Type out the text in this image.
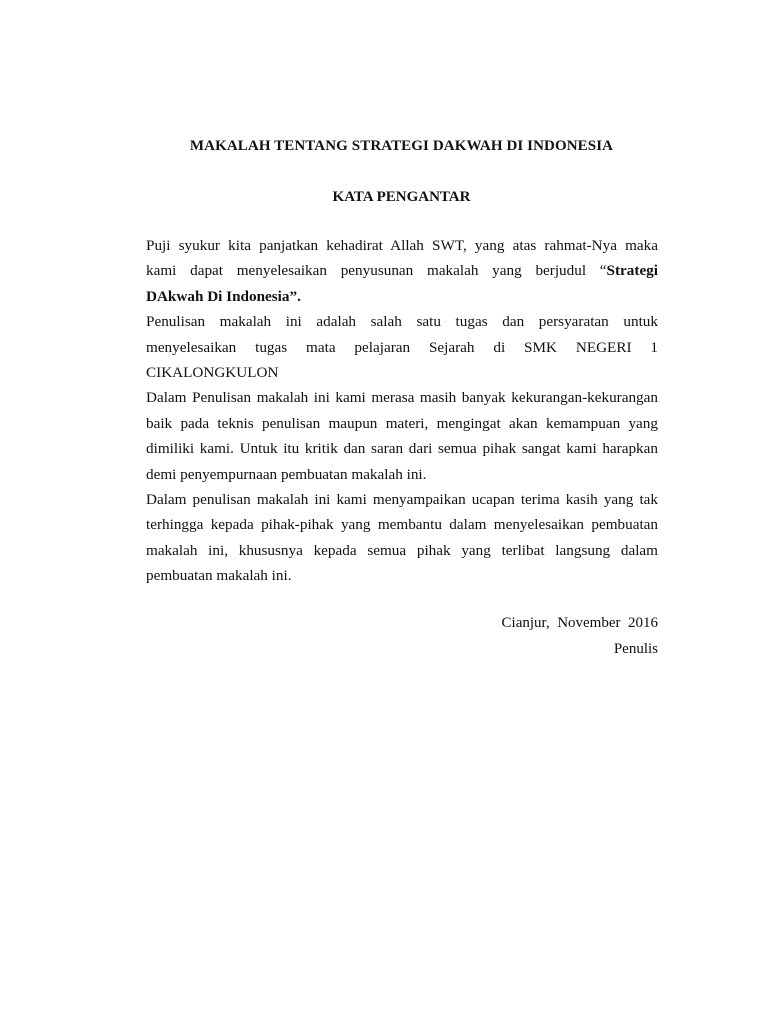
MAKALAH TENTANG STRATEGI DAKWAH DI INDONESIA
KATA PENGANTAR

Puji syukur kita panjatkan kehadirat Allah SWT, yang atas rahmat-Nya maka
kami dapat menyelesaikan penyusunan makalah yang berjudul “Strategi
DAkwah Di Indonesia”.

Penulisan makalah ini adalah salah satu tugas dan persyaratan untuk
menyelesaikan tugas mata pelajaran Sejarah di SMK NEGERI 1
CIKALONGKULON

Dalam Penulisan makalah ini kami merasa masih banyak kekurangan-kekurangan baik pada teknis penulisan maupun materi, mengingat akan kemampuan yang dimiliki kami. Untuk itu kritik dan saran dari semua pihak sangat kami harapkan demi penyempurnaan pembuatan makalah ini.

Dalam penulisan makalah ini kami menyampaikan ucapan terima kasih yang tak terhingga kepada pihak-pihak yang membantu dalam menyelesaikan pembuatan makalah ini, khususnya kepada semua pihak yang terlibat langsung dalam pembuatan makalah ini.

Cianjur,  November  2016
Penulis
